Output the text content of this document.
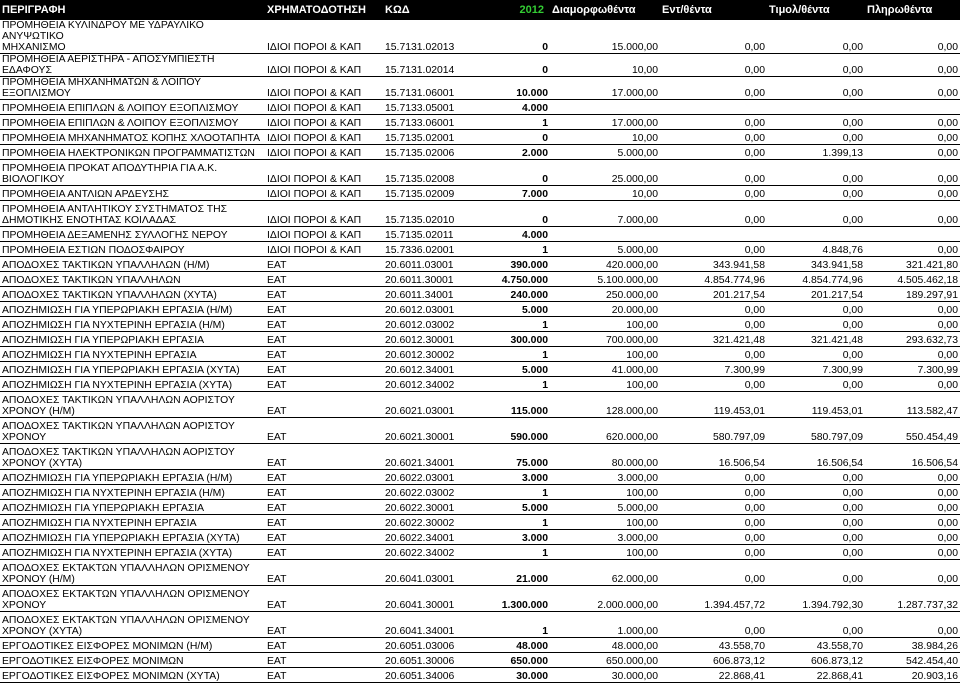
ΠΕΡΙΓΡΑΦΗ	ΧΡΗΜΑΤΟΔΟΤΗΣΗ	ΚΩΔ	2012	Διαμορφωθέντα	Εντ/θέντα	Τιμολ/θέντα	Πληρωθέντα
ΠΡΟΜΗΘΕΙΑ ΚΥΛΙΝΔΡΟΥ ΜΕ ΥΔΡΑΥΛΙΚΟ ΑΝΥΨΩΤΙΚΟ
ΜΗΧΑΝΙΣΜΟ	ΙΔΙΟΙ ΠΟΡΟΙ & ΚΑΠ	15.7131.02013	0	15.000,00	0,00	0,00	0,00
ΠΡΟΜΗΘΕΙΑ ΑΕΡΙΣΤΗΡΑ - ΑΠΟΣΥΜΠΙΕΣΤΗ ΕΔΑΦΟΥΣ	ΙΔΙΟΙ ΠΟΡΟΙ & ΚΑΠ	15.7131.02014	0	10,00	0,00	0,00	0,00
ΠΡΟΜΗΘΕΙΑ ΜΗΧΑΝΗΜΑΤΩΝ & ΛΟΙΠΟΥ ΕΞΟΠΛΙΣΜΟΥ	ΙΔΙΟΙ ΠΟΡΟΙ & ΚΑΠ	15.7131.06001	10.000	17.000,00	0,00	0,00	0,00
ΠΡΟΜΗΘΕΙΑ ΕΠΙΠΛΩΝ & ΛΟΙΠΟΥ ΕΞΟΠΛΙΣΜΟΥ	ΙΔΙΟΙ ΠΟΡΟΙ & ΚΑΠ	15.7133.05001	4.000				
ΠΡΟΜΗΘΕΙΑ ΕΠΙΠΛΩΝ & ΛΟΙΠΟΥ ΕΞΟΠΛΙΣΜΟΥ	ΙΔΙΟΙ ΠΟΡΟΙ & ΚΑΠ	15.7133.06001	1	17.000,00	0,00	0,00	0,00
ΠΡΟΜΗΘΕΙΑ ΜΗΧΑΝΗΜΑΤΟΣ ΚΟΠΗΣ ΧΛΟΟΤΑΠΗΤΑ	ΙΔΙΟΙ ΠΟΡΟΙ & ΚΑΠ	15.7135.02001	0	10,00	0,00	0,00	0,00
ΠΡΟΜΗΘΕΙΑ ΗΛΕΚΤΡΟΝΙΚΩΝ ΠΡΟΓΡΑΜΜΑΤΙΣΤΩΝ	ΙΔΙΟΙ ΠΟΡΟΙ & ΚΑΠ	15.7135.02006	2.000	5.000,00	0,00	1.399,13	0,00
ΠΡΟΜΗΘΕΙΑ ΠΡΟΚΑΤ ΑΠΟΔΥΤΗΡΙΑ ΓΙΑ Α.Κ.
ΒΙΟΛΟΓΙΚΟΥ	ΙΔΙΟΙ ΠΟΡΟΙ & ΚΑΠ	15.7135.02008	0	25.000,00	0,00	0,00	0,00
ΠΡΟΜΗΘΕΙΑ ΑΝΤΛΙΩΝ ΑΡΔΕΥΣΗΣ	ΙΔΙΟΙ ΠΟΡΟΙ & ΚΑΠ	15.7135.02009	7.000	10,00	0,00	0,00	0,00
ΠΡΟΜΗΘΕΙΑ ΑΝΤΛΗΤΙΚΟΥ ΣΥΣΤΗΜΑΤΟΣ ΤΗΣ
ΔΗΜΟΤΙΚΗΣ ΕΝΟΤΗΤΑΣ ΚΟΙΛΑΔΑΣ	ΙΔΙΟΙ ΠΟΡΟΙ & ΚΑΠ	15.7135.02010	0	7.000,00	0,00	0,00	0,00
ΠΡΟΜΗΘΕΙΑ ΔΕΞΑΜΕΝΗΣ ΣΥΛΛΟΓΗΣ ΝΕΡΟΥ	ΙΔΙΟΙ ΠΟΡΟΙ & ΚΑΠ	15.7135.02011	4.000				
ΠΡΟΜΗΘΕΙΑ ΕΣΤΙΩΝ ΠΟΔΟΣΦΑΙΡΟΥ	ΙΔΙΟΙ ΠΟΡΟΙ & ΚΑΠ	15.7336.02001	1	5.000,00	0,00	4.848,76	0,00
ΑΠΟΔΟΧΕΣ ΤΑΚΤΙΚΩΝ ΥΠΑΛΛΗΛΩΝ (Η/Μ)	ΕΑΤ	20.6011.03001	390.000	420.000,00	343.941,58	343.941,58	321.421,80
ΑΠΟΔΟΧΕΣ ΤΑΚΤΙΚΩΝ ΥΠΑΛΛΗΛΩΝ	ΕΑΤ	20.6011.30001	4.750.000	5.100.000,00	4.854.774,96	4.854.774,96	4.505.462,18
ΑΠΟΔΟΧΕΣ ΤΑΚΤΙΚΩΝ ΥΠΑΛΛΗΛΩΝ (ΧΥΤΑ)	ΕΑΤ	20.6011.34001	240.000	250.000,00	201.217,54	201.217,54	189.297,91
ΑΠΟΖΗΜΙΩΣΗ ΓΙΑ ΥΠΕΡΩΡΙΑΚΗ ΕΡΓΑΣΙΑ (Η/Μ)	ΕΑΤ	20.6012.03001	5.000	20.000,00	0,00	0,00	0,00
ΑΠΟΖΗΜΙΩΣΗ ΓΙΑ ΝΥΧΤΕΡΙΝΗ ΕΡΓΑΣΙΑ (Η/Μ)	ΕΑΤ	20.6012.03002	1	100,00	0,00	0,00	0,00
ΑΠΟΖΗΜΙΩΣΗ ΓΙΑ ΥΠΕΡΩΡΙΑΚΗ ΕΡΓΑΣΙΑ	ΕΑΤ	20.6012.30001	300.000	700.000,00	321.421,48	321.421,48	293.632,73
ΑΠΟΖΗΜΙΩΣΗ ΓΙΑ ΝΥΧΤΕΡΙΝΗ ΕΡΓΑΣΙΑ	ΕΑΤ	20.6012.30002	1	100,00	0,00	0,00	0,00
ΑΠΟΖΗΜΙΩΣΗ ΓΙΑ ΥΠΕΡΩΡΙΑΚΗ ΕΡΓΑΣΙΑ (ΧΥΤΑ)	ΕΑΤ	20.6012.34001	5.000	41.000,00	7.300,99	7.300,99	7.300,99
ΑΠΟΖΗΜΙΩΣΗ ΓΙΑ ΝΥΧΤΕΡΙΝΗ ΕΡΓΑΣΙΑ (ΧΥΤΑ)	ΕΑΤ	20.6012.34002	1	100,00	0,00	0,00	0,00
ΑΠΟΔΟΧΕΣ ΤΑΚΤΙΚΩΝ ΥΠΑΛΛΗΛΩΝ ΑΟΡΙΣΤΟΥ
ΧΡΟΝΟΥ (Η/Μ)	ΕΑΤ	20.6021.03001	115.000	128.000,00	119.453,01	119.453,01	113.582,47
ΑΠΟΔΟΧΕΣ ΤΑΚΤΙΚΩΝ ΥΠΑΛΛΗΛΩΝ ΑΟΡΙΣΤΟΥ
ΧΡΟΝΟΥ	ΕΑΤ	20.6021.30001	590.000	620.000,00	580.797,09	580.797,09	550.454,49
ΑΠΟΔΟΧΕΣ ΤΑΚΤΙΚΩΝ ΥΠΑΛΛΗΛΩΝ ΑΟΡΙΣΤΟΥ
ΧΡΟΝΟΥ (ΧΥΤΑ)	ΕΑΤ	20.6021.34001	75.000	80.000,00	16.506,54	16.506,54	16.506,54
ΑΠΟΖΗΜΙΩΣΗ ΓΙΑ ΥΠΕΡΩΡΙΑΚΗ ΕΡΓΑΣΙΑ (Η/Μ)	ΕΑΤ	20.6022.03001	3.000	3.000,00	0,00	0,00	0,00
ΑΠΟΖΗΜΙΩΣΗ ΓΙΑ ΝΥΧΤΕΡΙΝΗ ΕΡΓΑΣΙΑ (Η/Μ)	ΕΑΤ	20.6022.03002	1	100,00	0,00	0,00	0,00
ΑΠΟΖΗΜΙΩΣΗ ΓΙΑ ΥΠΕΡΩΡΙΑΚΗ ΕΡΓΑΣΙΑ	ΕΑΤ	20.6022.30001	5.000	5.000,00	0,00	0,00	0,00
ΑΠΟΖΗΜΙΩΣΗ ΓΙΑ ΝΥΧΤΕΡΙΝΗ ΕΡΓΑΣΙΑ	ΕΑΤ	20.6022.30002	1	100,00	0,00	0,00	0,00
ΑΠΟΖΗΜΙΩΣΗ ΓΙΑ ΥΠΕΡΩΡΙΑΚΗ ΕΡΓΑΣΙΑ (ΧΥΤΑ)	ΕΑΤ	20.6022.34001	3.000	3.000,00	0,00	0,00	0,00
ΑΠΟΖΗΜΙΩΣΗ ΓΙΑ ΝΥΧΤΕΡΙΝΗ ΕΡΓΑΣΙΑ (ΧΥΤΑ)	ΕΑΤ	20.6022.34002	1	100,00	0,00	0,00	0,00
ΑΠΟΔΟΧΕΣ ΕΚΤΑΚΤΩΝ ΥΠΑΛΛΗΛΩΝ ΟΡΙΣΜΕΝΟΥ
ΧΡΟΝΟΥ (Η/Μ)	ΕΑΤ	20.6041.03001	21.000	62.000,00	0,00	0,00	0,00
ΑΠΟΔΟΧΕΣ ΕΚΤΑΚΤΩΝ ΥΠΑΛΛΗΛΩΝ ΟΡΙΣΜΕΝΟΥ
ΧΡΟΝΟΥ	ΕΑΤ	20.6041.30001	1.300.000	2.000.000,00	1.394.457,72	1.394.792,30	1.287.737,32
ΑΠΟΔΟΧΕΣ ΕΚΤΑΚΤΩΝ ΥΠΑΛΛΗΛΩΝ ΟΡΙΣΜΕΝΟΥ
ΧΡΟΝΟΥ (ΧΥΤΑ)	ΕΑΤ	20.6041.34001	1	1.000,00	0,00	0,00	0,00
ΕΡΓΟΔΟΤΙΚΕΣ ΕΙΣΦΟΡΕΣ ΜΟΝΙΜΩΝ (Η/Μ)	ΕΑΤ	20.6051.03006	48.000	48.000,00	43.558,70	43.558,70	38.984,26
ΕΡΓΟΔΟΤΙΚΕΣ ΕΙΣΦΟΡΕΣ ΜΟΝΙΜΩΝ	ΕΑΤ	20.6051.30006	650.000	650.000,00	606.873,12	606.873,12	542.454,40
ΕΡΓΟΔΟΤΙΚΕΣ ΕΙΣΦΟΡΕΣ ΜΟΝΙΜΩΝ (ΧΥΤΑ)	ΕΑΤ	20.6051.34006	30.000	30.000,00	22.868,41	22.868,41	20.903,16
